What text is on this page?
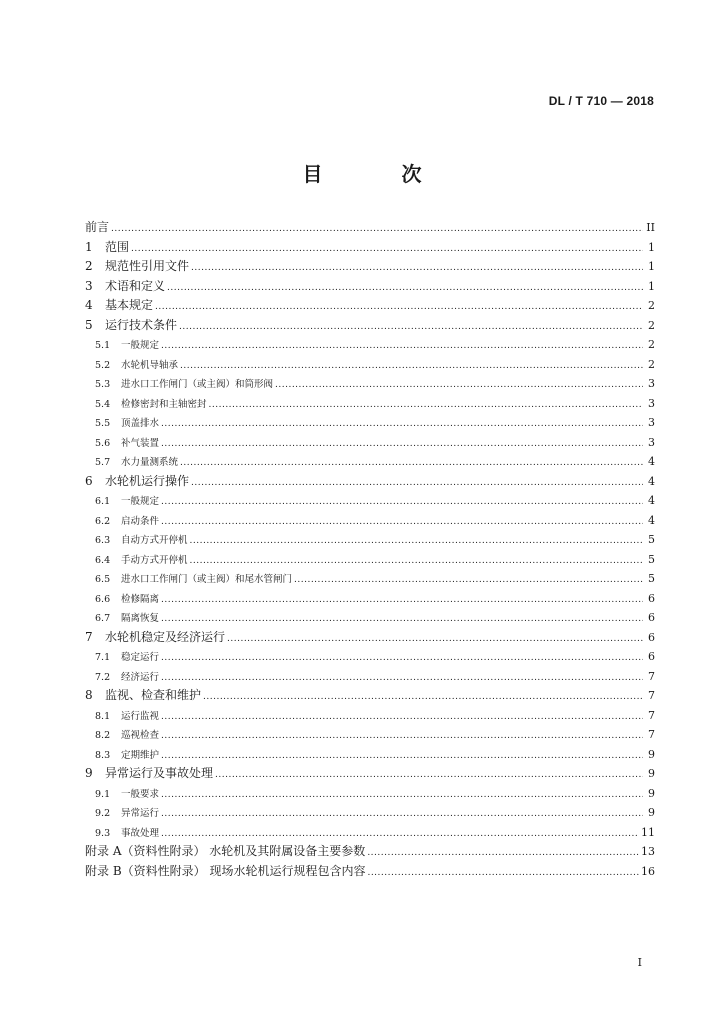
DL / T 710 — 2018
目 次
前言 .....	II
1	范围 .....	1
2	规范性引用文件 .....	1
3	术语和定义 .....	1
4	基本规定 .....	2
5	运行技术条件 .....	2
5.1	一般规定 .....	2
5.2	水轮机导轴承 .....	2
5.3	进水口工作闸门（或主阀）和筒形阀 .....	3
5.4	检修密封和主轴密封 .....	3
5.5	顶盖排水 .....	3
5.6	补气装置 .....	3
5.7	水力量测系统 .....	4
6	水轮机运行操作 .....	4
6.1	一般规定 .....	4
6.2	启动条件 .....	4
6.3	自动方式开停机 .....	5
6.4	手动方式开停机 .....	5
6.5	进水口工作闸门（或主阀）和尾水管闸门 .....	5
6.6	检修隔离 .....	6
6.7	隔离恢复 .....	6
7	水轮机稳定及经济运行 .....	6
7.1	稳定运行 .....	6
7.2	经济运行 .....	7
8	监视、检查和维护 .....	7
8.1	运行监视 .....	7
8.2	巡视检查 .....	7
8.3	定期维护 .....	9
9	异常运行及事故处理 .....	9
9.1	一般要求 .....	9
9.2	异常运行 .....	9
9.3	事故处理 .....	11
附录 A（资料性附录） 水轮机及其附属设备主要参数 .....	13
附录 B（资料性附录） 现场水轮机运行规程包含内容 .....	16
I
